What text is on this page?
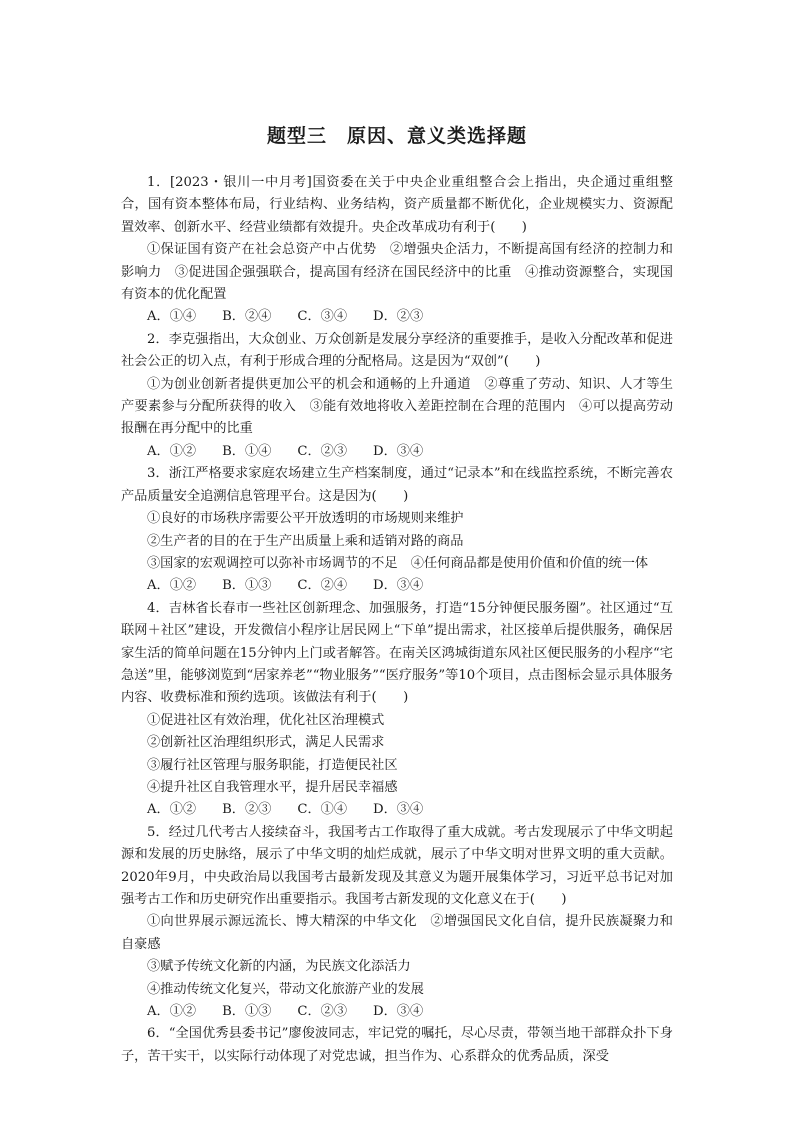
题型三　原因、意义类选择题

1．[2023・银川一中月考]国资委在关于中央企业重组整合会上指出，央企通过重组整合，国有资本整体布局，行业结构、业务结构，资产质量都不断优化，企业规模实力、资源配置效率、创新水平、经营业绩都有效提升。央企改革成功有利于(　　)

①保证国有资产在社会总资产中占优势　②增强央企活力，不断提高国有经济的控制力和影响力　③促进国企强强联合，提高国有经济在国民经济中的比重　④推动资源整合，实现国有资本的优化配置

A．①④ B．②④ C．③④ D．②③

2．李克强指出，大众创业、万众创新是发展分享经济的重要推手，是收入分配改革和促进社会公正的切入点，有利于形成合理的分配格局。这是因为“双创”(　　)

①为创业创新者提供更加公平的机会和通畅的上升通道　②尊重了劳动、知识、人才等生产要素参与分配所获得的收入　③能有效地将收入差距控制在合理的范围内　④可以提高劳动报酬在再分配中的比重

A．①② B．①④ C．②③ D．③④

3．浙江严格要求家庭农场建立生产档案制度，通过“记录本”和在线监控系统，不断完善农产品质量安全追溯信息管理平台。这是因为(　　)

①良好的市场秩序需要公平开放透明的市场规则来维护

②生产者的目的在于生产出质量上乘和适销对路的商品

③国家的宏观调控可以弥补市场调节的不足　④任何商品都是使用价值和价值的统一体

A．①② B．①③ C．②④ D．③④

4．吉林省长春市一些社区创新理念、加强服务，打造“15分钟便民服务圈”。社区通过“互联网＋社区”建设，开发微信小程序让居民网上“下单”提出需求，社区接单后提供服务，确保居家生活的简单问题在15分钟内上门或者解答。在南关区鸿城街道东风社区便民服务的小程序“宅急送”里，能够浏览到“居家养老”“物业服务”“医疗服务”等10个项目，点击图标会显示具体服务内容、收费标准和预约选项。该做法有利于(　　)

①促进社区有效治理，优化社区治理模式

②创新社区治理组织形式，满足人民需求

③履行社区管理与服务职能，打造便民社区

④提升社区自我管理水平，提升居民幸福感

A．①② B．②③ C．①④ D．③④

5．经过几代考古人接续奋斗，我国考古工作取得了重大成就。考古发现展示了中华文明起源和发展的历史脉络，展示了中华文明的灿烂成就，展示了中华文明对世界文明的重大贡献。2020年9月，中央政治局以我国考古最新发现及其意义为题开展集体学习，习近平总书记对加强考古工作和历史研究作出重要指示。我国考古新发现的文化意义在于(　　)

①向世界展示源远流长、博大精深的中华文化　②增强国民文化自信，提升民族凝聚力和自豪感

③赋予传统文化新的内涵，为民族文化添活力

④推动传统文化复兴，带动文化旅游产业的发展

A．①② B．①③ C．②③ D．③④

6．“全国优秀县委书记”廖俊波同志，牢记党的嘱托，尽心尽责，带领当地干部群众扑下身子，苦干实干，以实际行动体现了对党忠诚，担当作为、心系群众的优秀品质，深受
